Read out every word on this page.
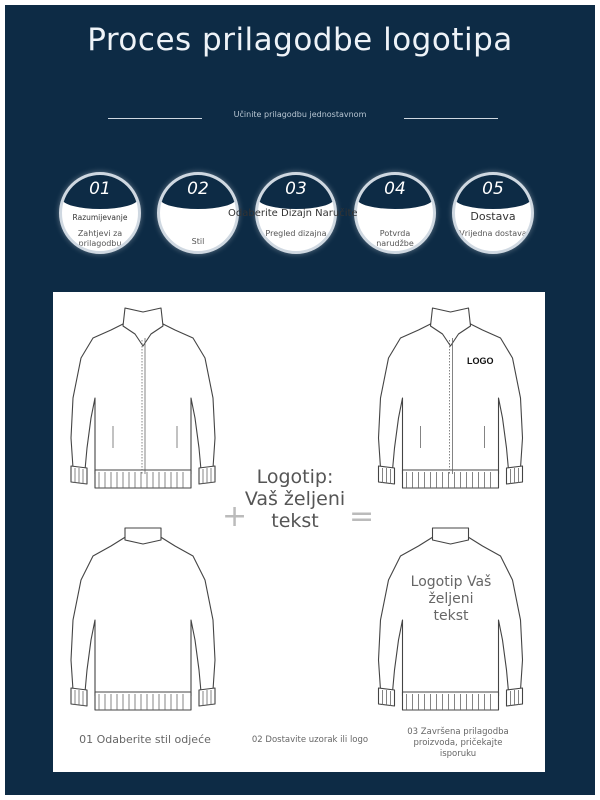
Proces prilagodbe logotipa
Učinite prilagodbu jednostavnom
01
Razumijevanje
Zahtjevi za prilagodbu
02
Stil
03
Pregled dizajna
04
Potvrda narudžbe
05
Dostava
Vrijedna dostava
Odaberite Dizajn Naručite
LOGO
Logotip Vaš željeni tekst
+
Logotip: Vaš željeni tekst	=
01 Odaberite stil odjeće	02 Dostavite uzorak ili logo
03 Završena prilagodba proizvoda, pričekajte isporuku
